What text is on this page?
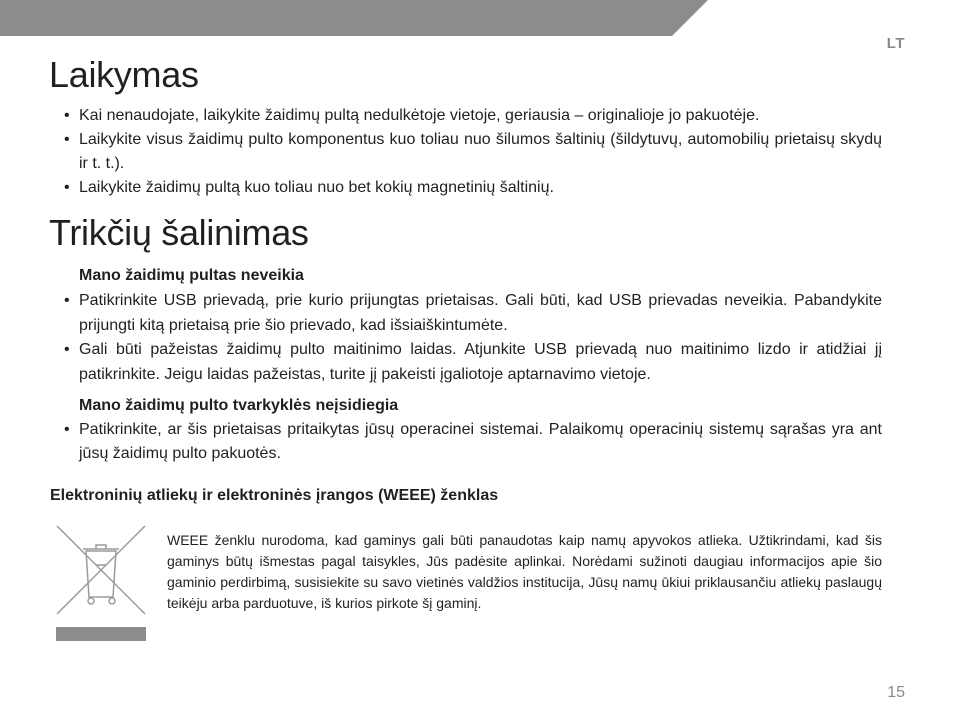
LT
Laikymas
• Kai nenaudojate, laikykite žaidimų pultą nedulkėtoje vietoje, geriausia – originalioje jo pakuotėje.
• Laikykite visus žaidimų pulto komponentus kuo toliau nuo šilumos šaltinių (šildytuvų, automobilių prietaisų skydų ir t. t.).
• Laikykite žaidimų pultą kuo toliau nuo bet kokių magnetinių šaltinių.
Trikčių šalinimas
Mano žaidimų pultas neveikia
• Patikrinkite USB prievadą, prie kurio prijungtas prietaisas. Gali būti, kad USB prievadas neveikia. Pabandykite prijungti kitą prietaisą prie šio prievado, kad išsiaiškintumėte.
• Gali būti pažeistas žaidimų pulto maitinimo laidas. Atjunkite USB prievadą nuo maitinimo lizdo ir atidžiai jį patikrinkite. Jeigu laidas pažeistas, turite jį pakeisti įgaliotoje aptarnavimo vietoje.
Mano žaidimų pulto tvarkyklės neįsidiegia
• Patikrinkite, ar šis prietaisas pritaikytas jūsų operacinei sistemai. Palaikomų operacinių sistemų sąrašas yra ant jūsų žaidimų pulto pakuotės.
Elektroninių atliekų ir elektroninės įrangos (WEEE) ženklas
WEEE ženklu nurodoma, kad gaminys gali būti panaudotas kaip namų apyvokos atlieka. Užtikrindami, kad šis gaminys būtų išmestas pagal taisykles, Jūs padėsite aplinkai. Norėdami sužinoti daugiau informacijos apie šio gaminio perdirbimą, susisiekite su savo vietinės valdžios institucija, Jūsų namų ūkiui priklausančiu atliekų paslaugų teikėju arba parduotuve, iš kurios pirkote šį gaminį.
15
